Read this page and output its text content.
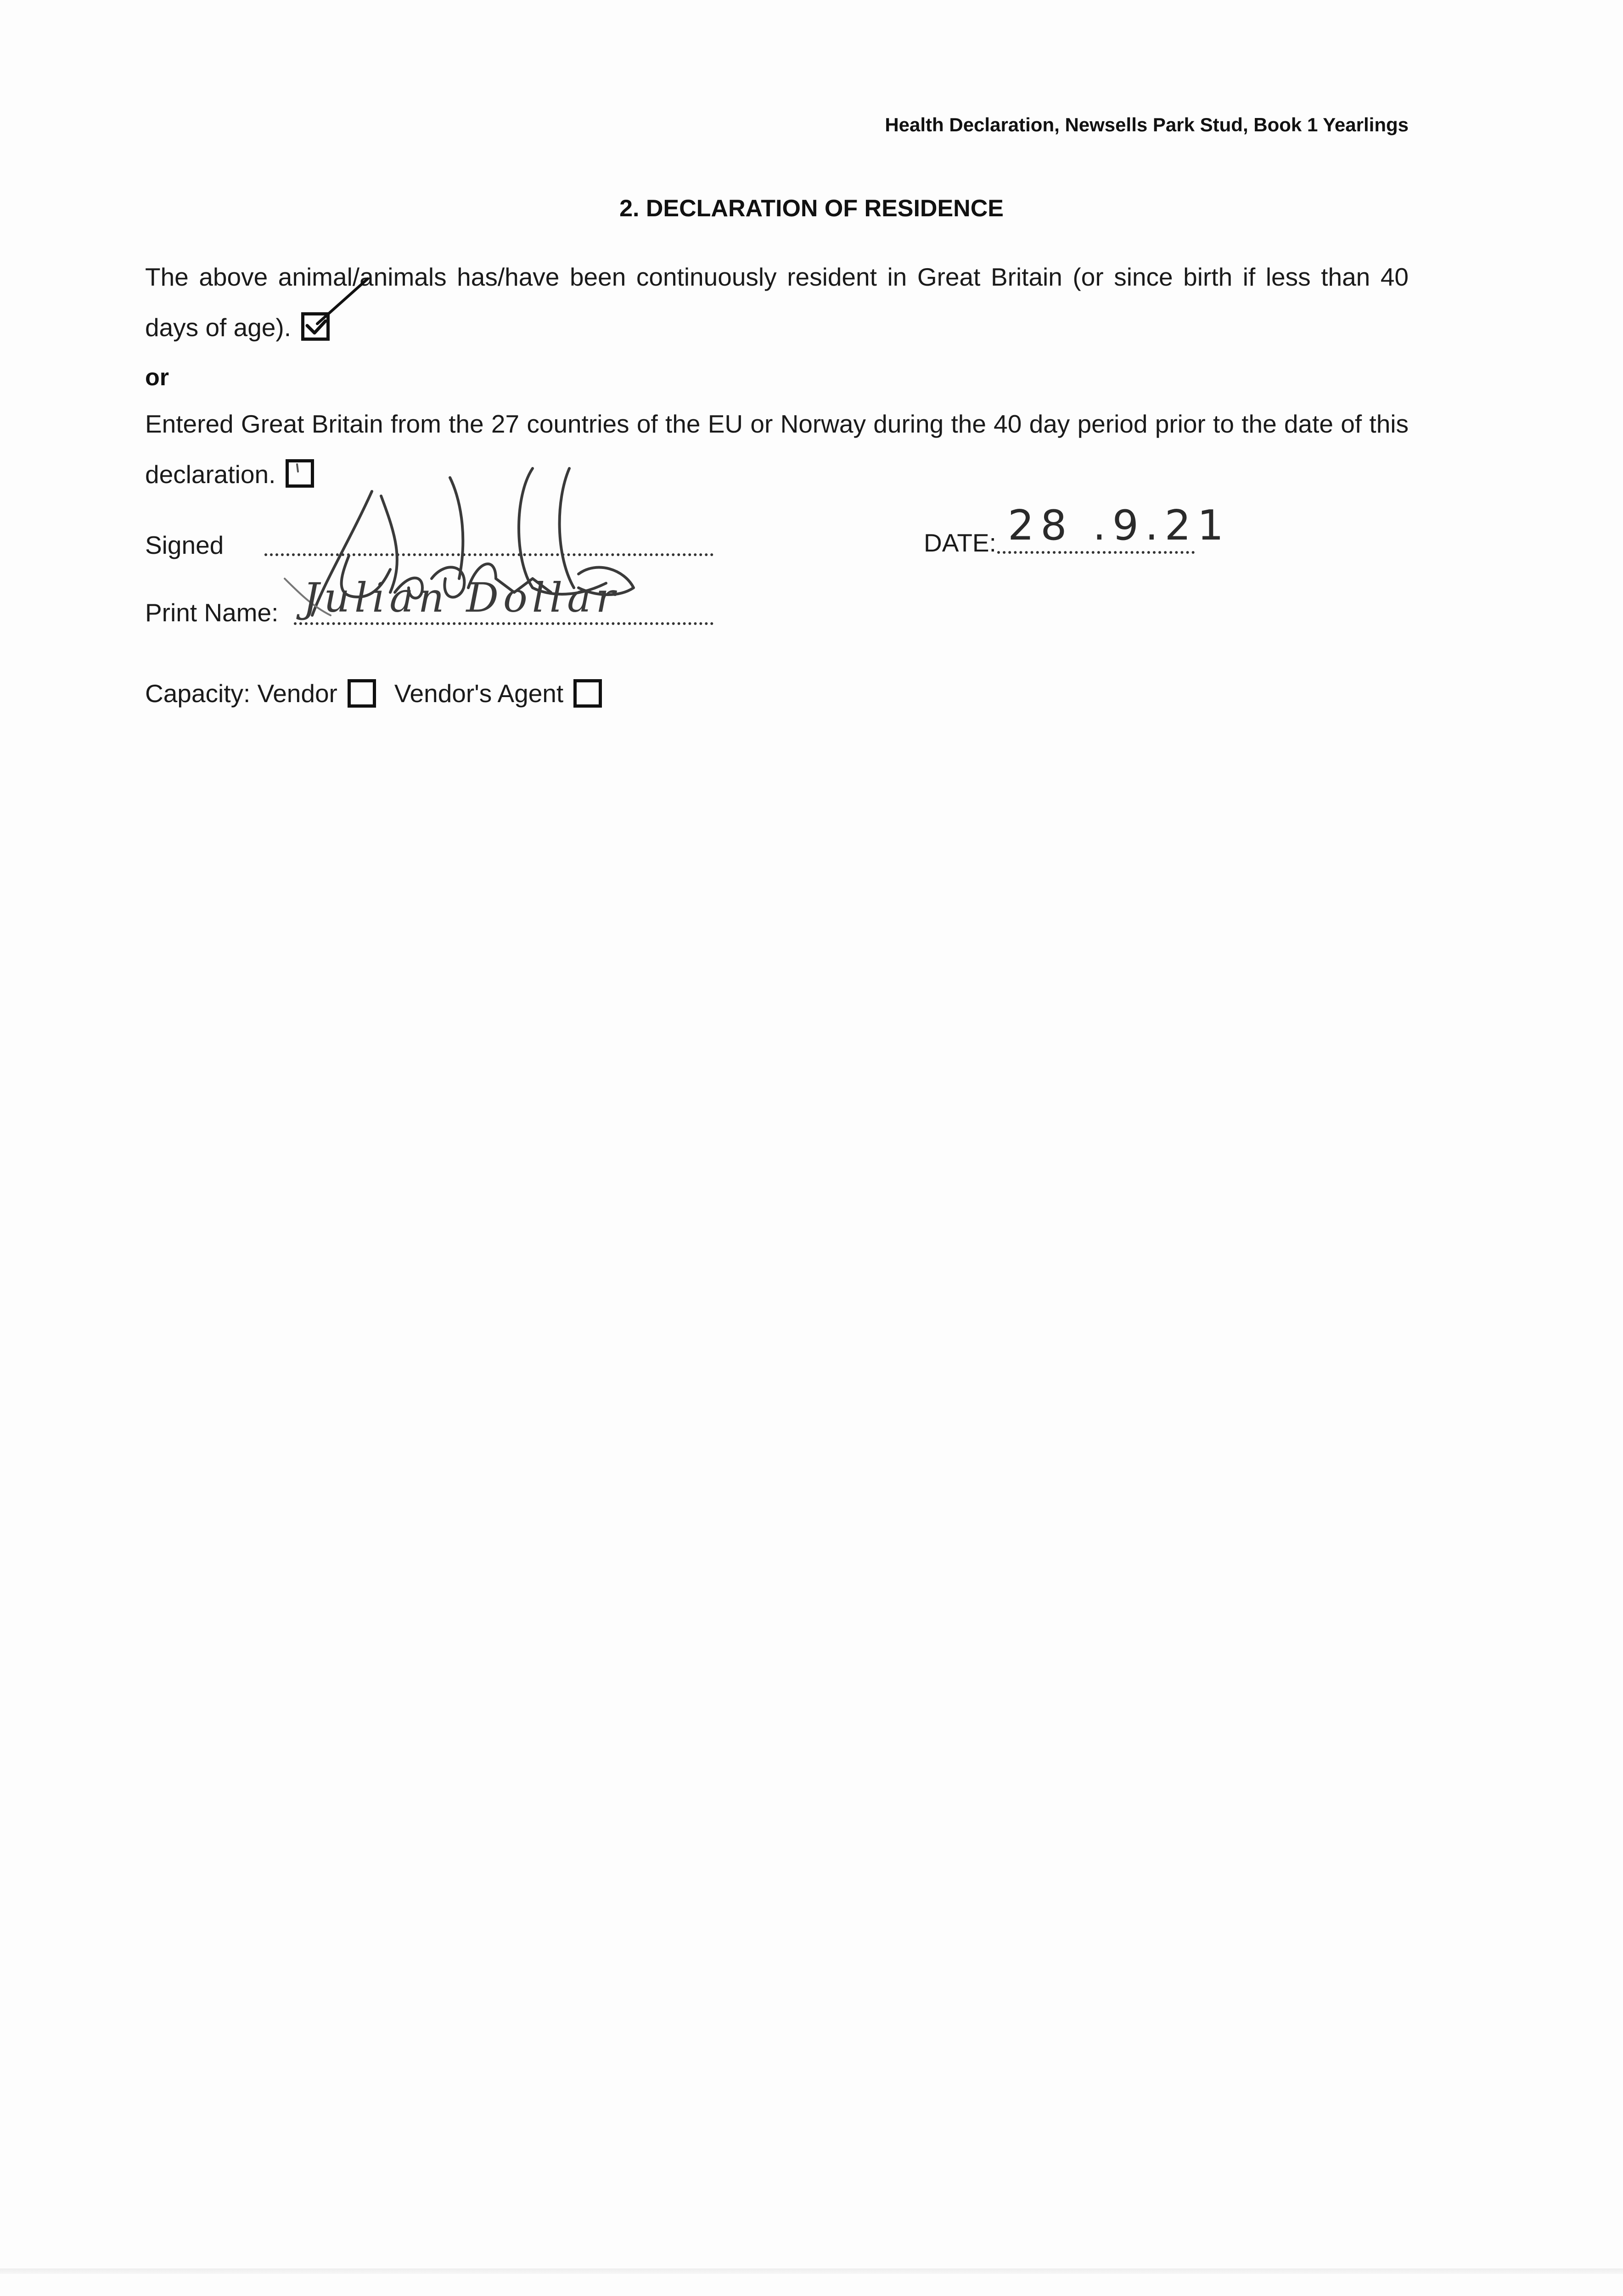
Health Declaration, Newsells Park Stud, Book 1 Yearlings
2. DECLARATION OF RESIDENCE
The above animal/animals has/have been continuously resident in Great Britain (or since birth if less than 40 days of age).
or
Entered Great Britain from the 27 countries of the EU or Norway during the 40 day period prior to the date of this declaration.
Signed	DATE: 28 .9.21
Print Name: Julian Dollar
Capacity: Vendor Vendor's Agent
